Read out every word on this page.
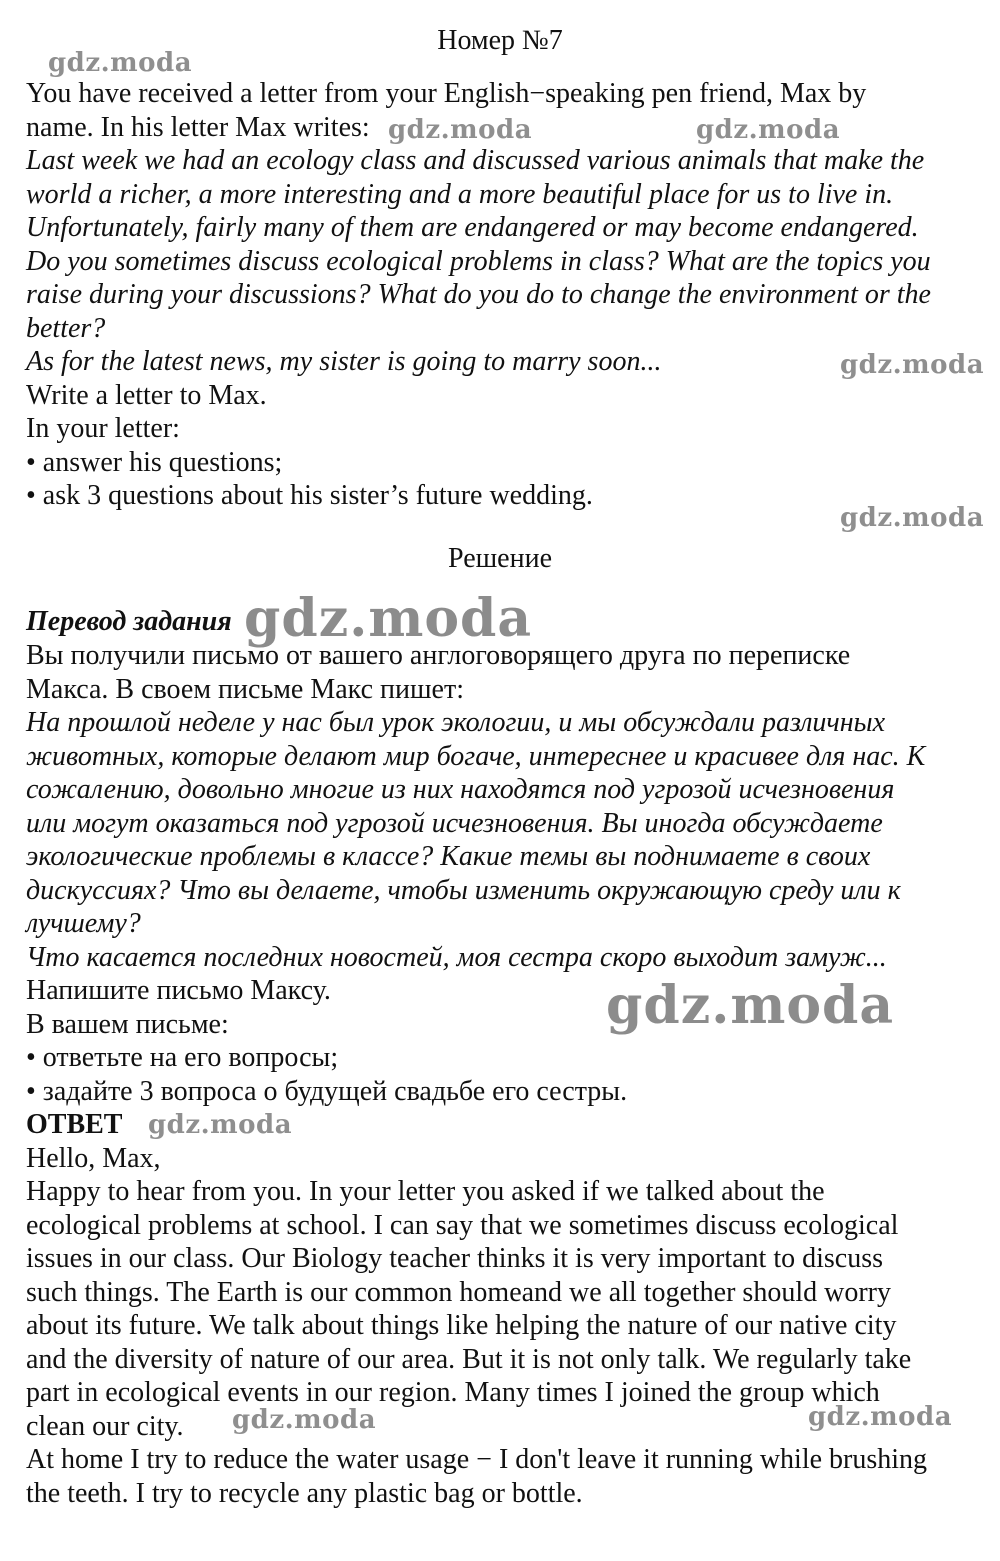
Номер №7
You have received a letter from your English−speaking pen friend, Max by
name. In his letter Max writes:
Last week we had an ecology class and discussed various animals that make the
world a richer, a more interesting and a more beautiful place for us to live in.
Unfortunately, fairly many of them are endangered or may become endangered.
Do you sometimes discuss ecological problems in class? What are the topics you
raise during your discussions? What do you do to change the environment or the
better?
As for the latest news, my sister is going to marry soon...
Write a letter to Max.
In your letter:
• answer his questions;
• ask 3 questions about his sister’s future wedding.
Решение
Перевод задания
Вы получили письмо от вашего англоговорящего друга по переписке
Макса. В своем письме Макс пишет:
На прошлой неделе у нас был урок экологии, и мы обсуждали различных
животных, которые делают мир богаче, интереснее и красивее для нас. К
сожалению, довольно многие из них находятся под угрозой исчезновения
или могут оказаться под угрозой исчезновения. Вы иногда обсуждаете
экологические проблемы в классе? Какие темы вы поднимаете в своих
дискуссиях? Что вы делаете, чтобы изменить окружающую среду или к
лучшему?
Что касается последних новостей, моя сестра скоро выходит замуж...
Напишите письмо Максу.
В вашем письме:
• ответьте на его вопросы;
• задайте 3 вопроса о будущей свадьбе его сестры.
ОТВЕТ
Hello, Max,
Happy to hear from you. In your letter you asked if we talked about the
ecological problems at school. I can say that we sometimes discuss ecological
issues in our class. Our Biology teacher thinks it is very important to discuss
such things. The Earth is our common homeand we all together should worry
about its future. We talk about things like helping the nature of our native city
and the diversity of nature of our area. But it is not only talk. We regularly take
part in ecological events in our region. Many times I joined the group which
clean our city.
At home I try to reduce the water usage − I don't leave it running while brushing
the teeth. I try to recycle any plastic bag or bottle.
gdz.moda
gdz.moda	gdz.moda
gdz.moda
gdz.moda
gdz.moda
gdz.moda
gdz.moda
gdz.moda	gdz.moda
